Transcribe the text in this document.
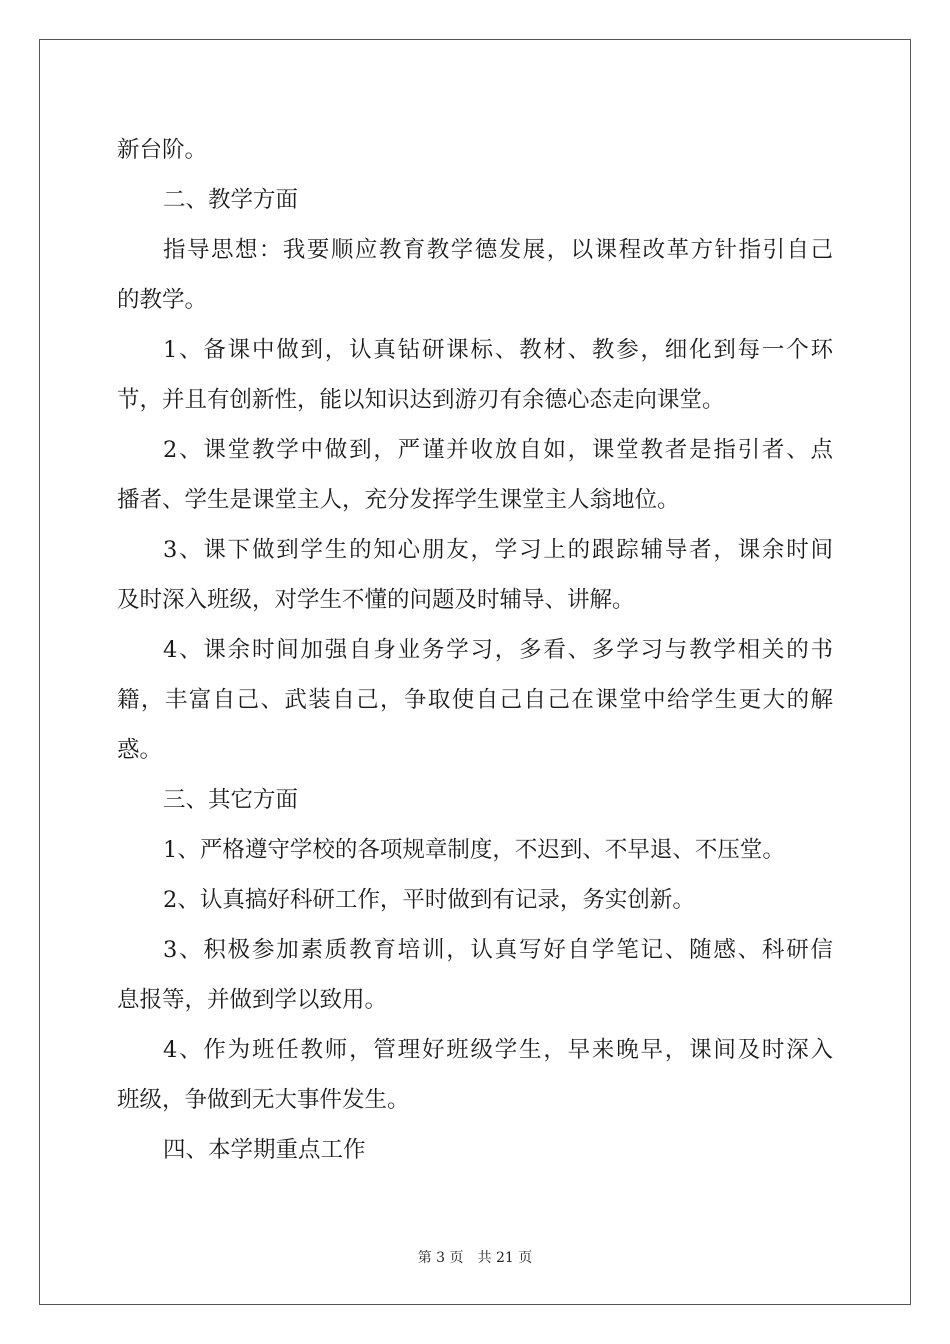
新台阶。
二、教学方面
指导思想：我要顺应教育教学德发展，以课程改革方针指引自己
的教学。
1、备课中做到，认真钻研课标、教材、教参，细化到每一个环
节，并且有创新性，能以知识达到游刃有余德心态走向课堂。
2、课堂教学中做到，严谨并收放自如，课堂教者是指引者、点
播者、学生是课堂主人，充分发挥学生课堂主人翁地位。
3、课下做到学生的知心朋友，学习上的跟踪辅导者，课余时间
及时深入班级，对学生不懂的问题及时辅导、讲解。
4、课余时间加强自身业务学习，多看、多学习与教学相关的书
籍，丰富自己、武装自己，争取使自己自己在课堂中给学生更大的解
惑。
三、其它方面
1、严格遵守学校的各项规章制度，不迟到、不早退、不压堂。
2、认真搞好科研工作，平时做到有记录，务实创新。
3、积极参加素质教育培训，认真写好自学笔记、随感、科研信
息报等，并做到学以致用。
4、作为班任教师，管理好班级学生，早来晚早，课间及时深入
班级，争做到无大事件发生。
四、本学期重点工作
第 3 页 共 21 页
